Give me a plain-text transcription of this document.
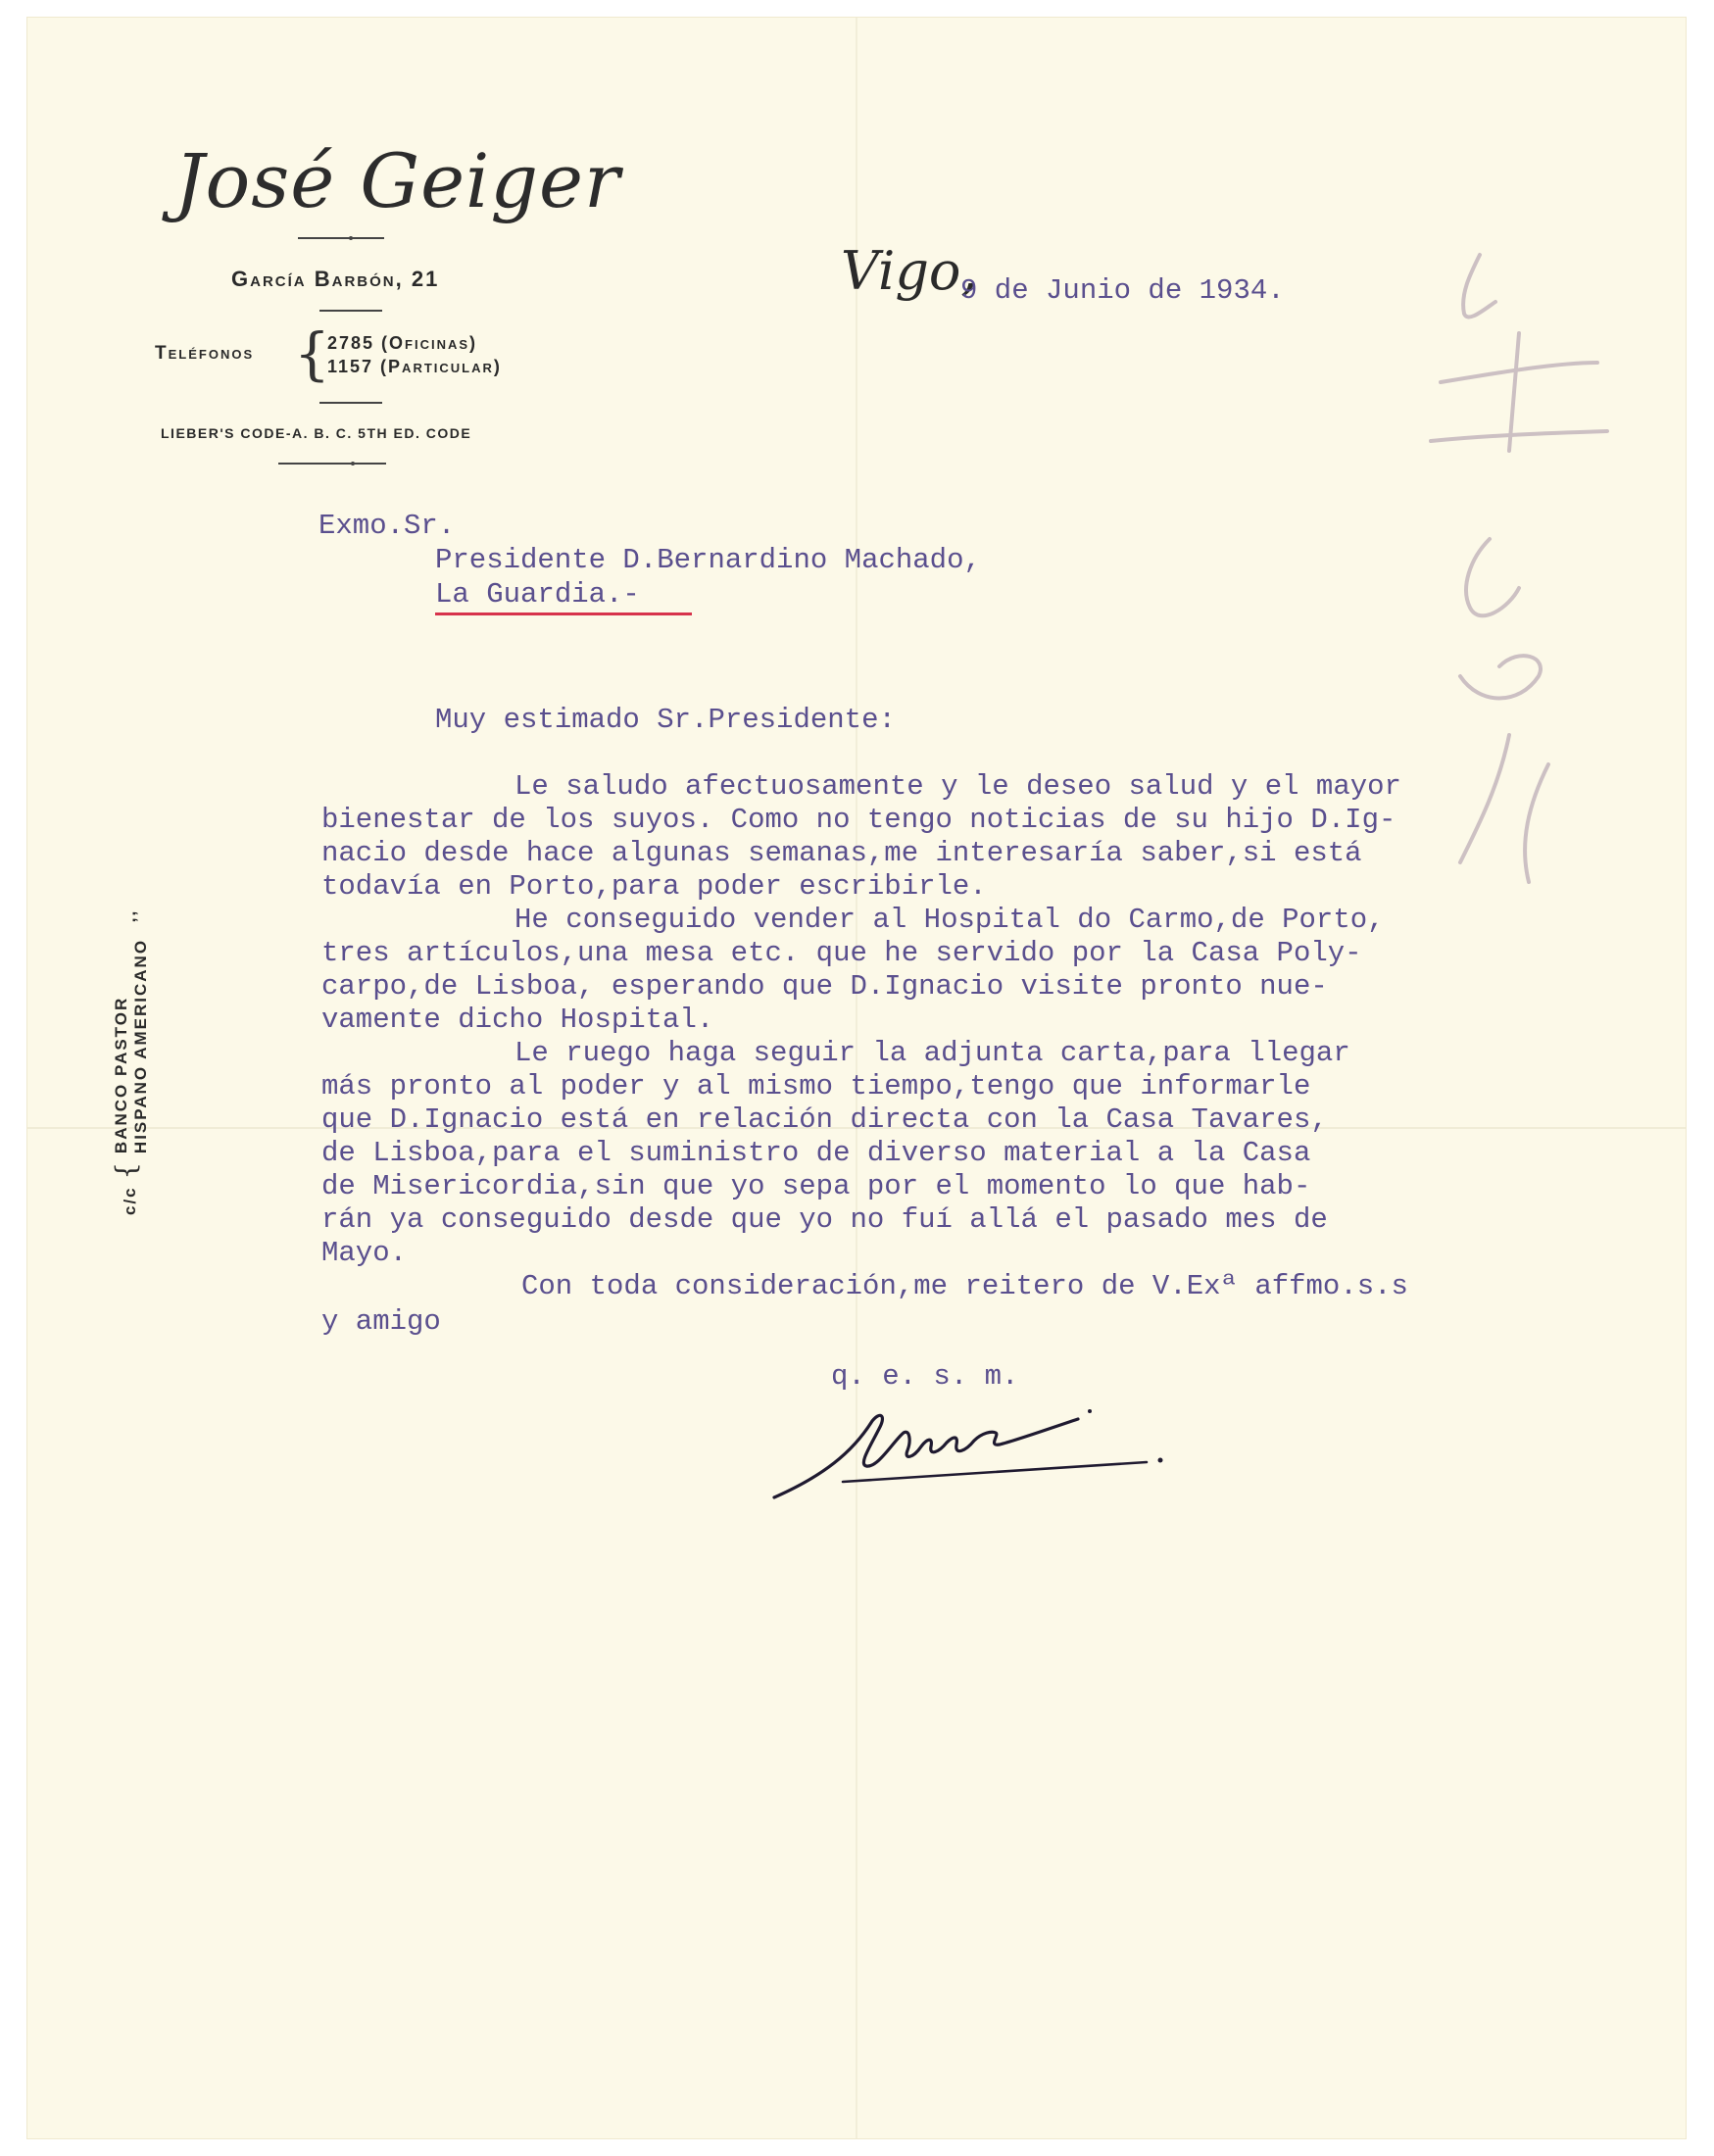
José Geiger
García Barbón, 21
Teléfonos {
2785 (Oficinas)
1157 (Particular)
LIEBER'S CODE-A. B. C. 5TH ED. CODE
c/c {
BANCO PASTOR HISPANO AMERICANO
,,
Vigo,
9 de Junio de 1934.
Exmo.Sr.
Presidente D.Bernardino Machado,
La Guardia.-
Muy estimado Sr.Presidente:
Le saludo afectuosamente y le deseo salud y el mayor
bienestar de los suyos. Como no tengo noticias de su hijo D.Ig-
nacio desde hace algunas semanas,me interesaría saber,si está
todavía en Porto,para poder escribirle.
He conseguido vender al Hospital do Carmo,de Porto,
tres artículos,una mesa etc. que he servido por la Casa Poly-
carpo,de Lisboa, esperando que D.Ignacio visite pronto nue-
vamente dicho Hospital.
Le ruego haga seguir la adjunta carta,para llegar
más pronto al poder y al mismo tiempo,tengo que informarle
que D.Ignacio está en relación directa con la Casa Tavares,
de Lisboa,para el suministro de diverso material a la Casa
de Misericordia,sin que yo sepa por el momento lo que hab-
rán ya conseguido desde que yo no fuí allá el pasado mes de
Mayo.
Con toda consideración,me reitero de V.Exª affmo.s.s
y amigo
q. e. s. m.
